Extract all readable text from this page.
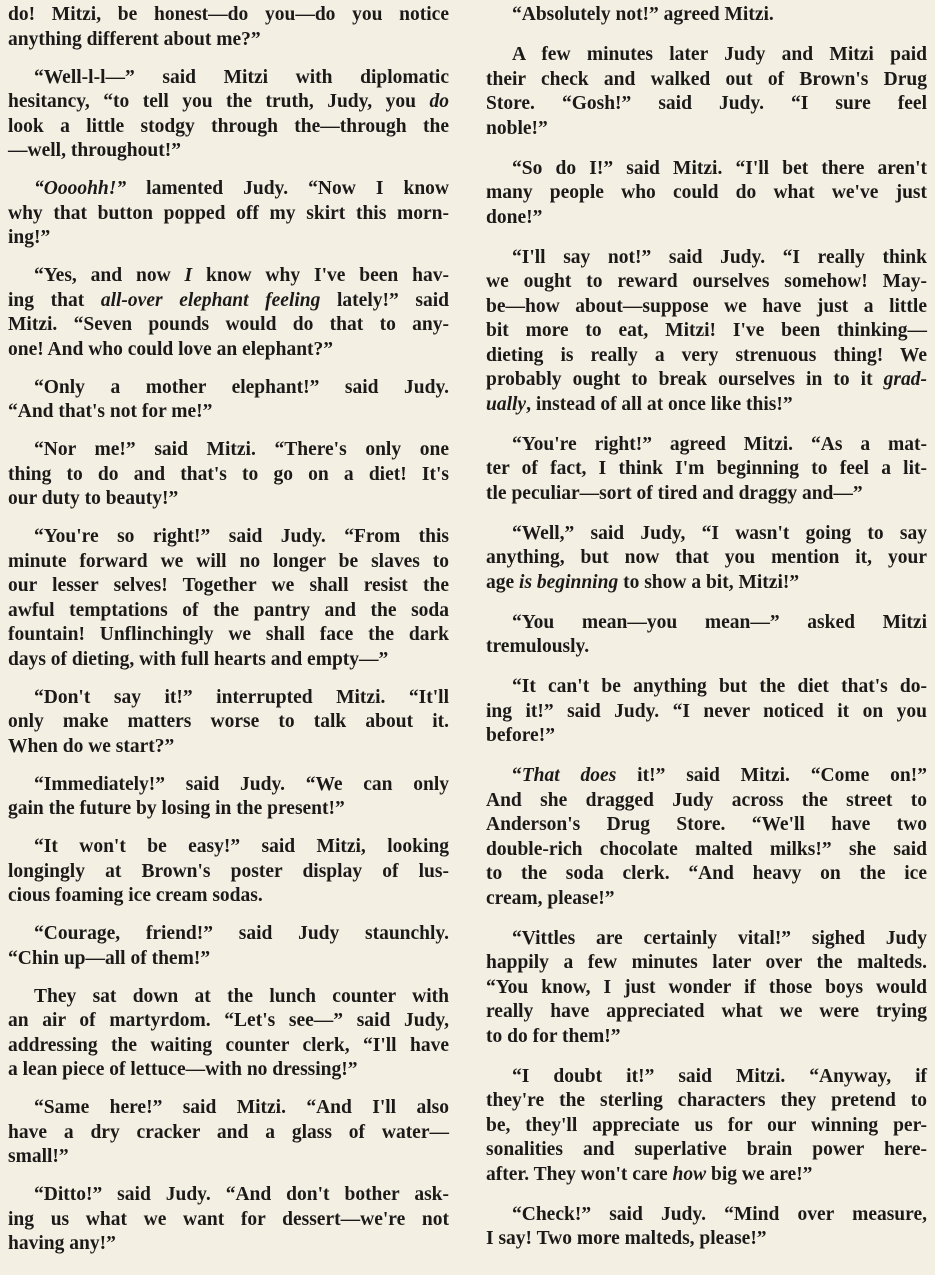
do! Mitzi, be honest—do you—do you notice
anything different about me?”
“Well-l-l—” said Mitzi with diplomatic
hesitancy, “to tell you the truth, Judy, you do
look a little stodgy through the—through the
—well, throughout!”
“Oooohh!” lamented Judy. “Now I know
why that button popped off my skirt this morn-
ing!”
“Yes, and now I know why I've been hav-
ing that all-over elephant feeling lately!” said
Mitzi. “Seven pounds would do that to any-
one! And who could love an elephant?”
“Only a mother elephant!” said Judy.
“And that's not for me!”
“Nor me!” said Mitzi. “There's only one
thing to do and that's to go on a diet! It's
our duty to beauty!”
“You're so right!” said Judy. “From this
minute forward we will no longer be slaves to
our lesser selves! Together we shall resist the
awful temptations of the pantry and the soda
fountain! Unflinchingly we shall face the dark
days of dieting, with full hearts and empty—”
“Don't say it!” interrupted Mitzi. “It'll
only make matters worse to talk about it.
When do we start?”
“Immediately!” said Judy. “We can only
gain the future by losing in the present!”
“It won't be easy!” said Mitzi, looking
longingly at Brown's poster display of lus-
cious foaming ice cream sodas.
“Courage, friend!” said Judy staunchly.
“Chin up—all of them!”
They sat down at the lunch counter with
an air of martyrdom. “Let's see—” said Judy,
addressing the waiting counter clerk, “I'll have
a lean piece of lettuce—with no dressing!”
“Same here!” said Mitzi. “And I'll also
have a dry cracker and a glass of water—
small!”
“Ditto!” said Judy. “And don't bother ask-
ing us what we want for dessert—we're not
having any!”
“Absolutely not!” agreed Mitzi.
A few minutes later Judy and Mitzi paid
their check and walked out of Brown's Drug
Store. “Gosh!” said Judy. “I sure feel
noble!”
“So do I!” said Mitzi. “I'll bet there aren't
many people who could do what we've just
done!”
“I'll say not!” said Judy. “I really think
we ought to reward ourselves somehow! May-
be—how about—suppose we have just a little
bit more to eat, Mitzi! I've been thinking—
dieting is really a very strenuous thing! We
probably ought to break ourselves in to it grad-
ually, instead of all at once like this!”
“You're right!” agreed Mitzi. “As a mat-
ter of fact, I think I'm beginning to feel a lit-
tle peculiar—sort of tired and draggy and—”
“Well,” said Judy, “I wasn't going to say
anything, but now that you mention it, your
age is beginning to show a bit, Mitzi!”
“You mean—you mean—” asked Mitzi
tremulously.
“It can't be anything but the diet that's do-
ing it!” said Judy. “I never noticed it on you
before!”
“That does it!” said Mitzi. “Come on!”
And she dragged Judy across the street to
Anderson's Drug Store. “We'll have two
double-rich chocolate malted milks!” she said
to the soda clerk. “And heavy on the ice
cream, please!”
“Vittles are certainly vital!” sighed Judy
happily a few minutes later over the malteds.
“You know, I just wonder if those boys would
really have appreciated what we were trying
to do for them!”
“I doubt it!” said Mitzi. “Anyway, if
they're the sterling characters they pretend to
be, they'll appreciate us for our winning per-
sonalities and superlative brain power here-
after. They won't care how big we are!”
“Check!” said Judy. “Mind over measure,
I say! Two more malteds, please!”
